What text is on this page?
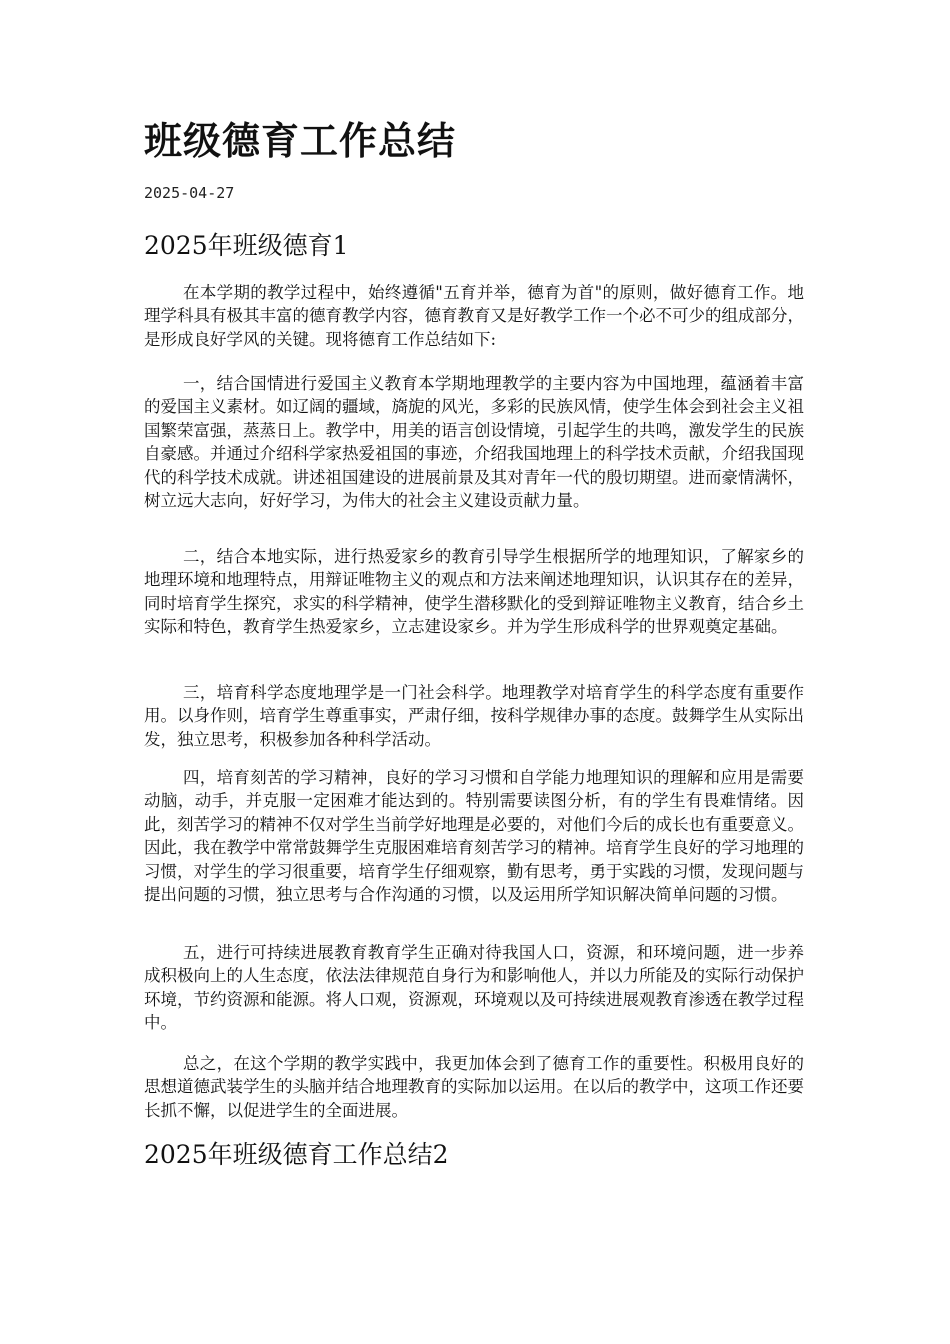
班级德育工作总结
2025-04-27
2025年班级德育1

在本学期的教学过程中，始终遵循"五育并举，德育为首"的原则，做好德育工作。地理学科具有极其丰富的德育教学内容，德育教育又是好教学工作一个必不可少的组成部分，是形成良好学风的关键。现将德育工作总结如下:

一，结合国情进行爱国主义教育本学期地理教学的主要内容为中国地理，蕴涵着丰富的爱国主义素材。如辽阔的疆域，旖旎的风光，多彩的民族风情，使学生体会到社会主义祖国繁荣富强，蒸蒸日上。教学中，用美的语言创设情境，引起学生的共鸣，激发学生的民族自豪感。并通过介绍科学家热爱祖国的事迹，介绍我国地理上的科学技术贡献，介绍我国现代的科学技术成就。讲述祖国建设的进展前景及其对青年一代的殷切期望。进而豪情满怀，树立远大志向，好好学习，为伟大的社会主义建设贡献力量。

二，结合本地实际，进行热爱家乡的教育引导学生根据所学的地理知识，了解家乡的地理环境和地理特点，用辩证唯物主义的观点和方法来阐述地理知识，认识其存在的差异，同时培育学生探究，求实的科学精神，使学生潜移默化的受到辩证唯物主义教育，结合乡土实际和特色，教育学生热爱家乡，立志建设家乡。并为学生形成科学的世界观奠定基础。

三，培育科学态度地理学是一门社会科学。地理教学对培育学生的科学态度有重要作用。以身作则，培育学生尊重事实，严肃仔细，按科学规律办事的态度。鼓舞学生从实际出发，独立思考，积极参加各种科学活动。

四，培育刻苦的学习精神，良好的学习习惯和自学能力地理知识的理解和应用是需要动脑，动手，并克服一定困难才能达到的。特别需要读图分析，有的学生有畏难情绪。因此，刻苦学习的精神不仅对学生当前学好地理是必要的，对他们今后的成长也有重要意义。因此，我在教学中常常鼓舞学生克服困难培育刻苦学习的精神。培育学生良好的学习地理的习惯，对学生的学习很重要，培育学生仔细观察，勤有思考，勇于实践的习惯，发现问题与提出问题的习惯，独立思考与合作沟通的习惯，以及运用所学知识解决简单问题的习惯。

五，进行可持续进展教育教育学生正确对待我国人口，资源，和环境问题，进一步养成积极向上的人生态度，依法法律规范自身行为和影响他人，并以力所能及的实际行动保护环境，节约资源和能源。将人口观，资源观，环境观以及可持续进展观教育渗透在教学过程中。

总之，在这个学期的教学实践中，我更加体会到了德育工作的重要性。积极用良好的思想道德武装学生的头脑并结合地理教育的实际加以运用。在以后的教学中，这项工作还要长抓不懈，以促进学生的全面进展。

2025年班级德育工作总结2
